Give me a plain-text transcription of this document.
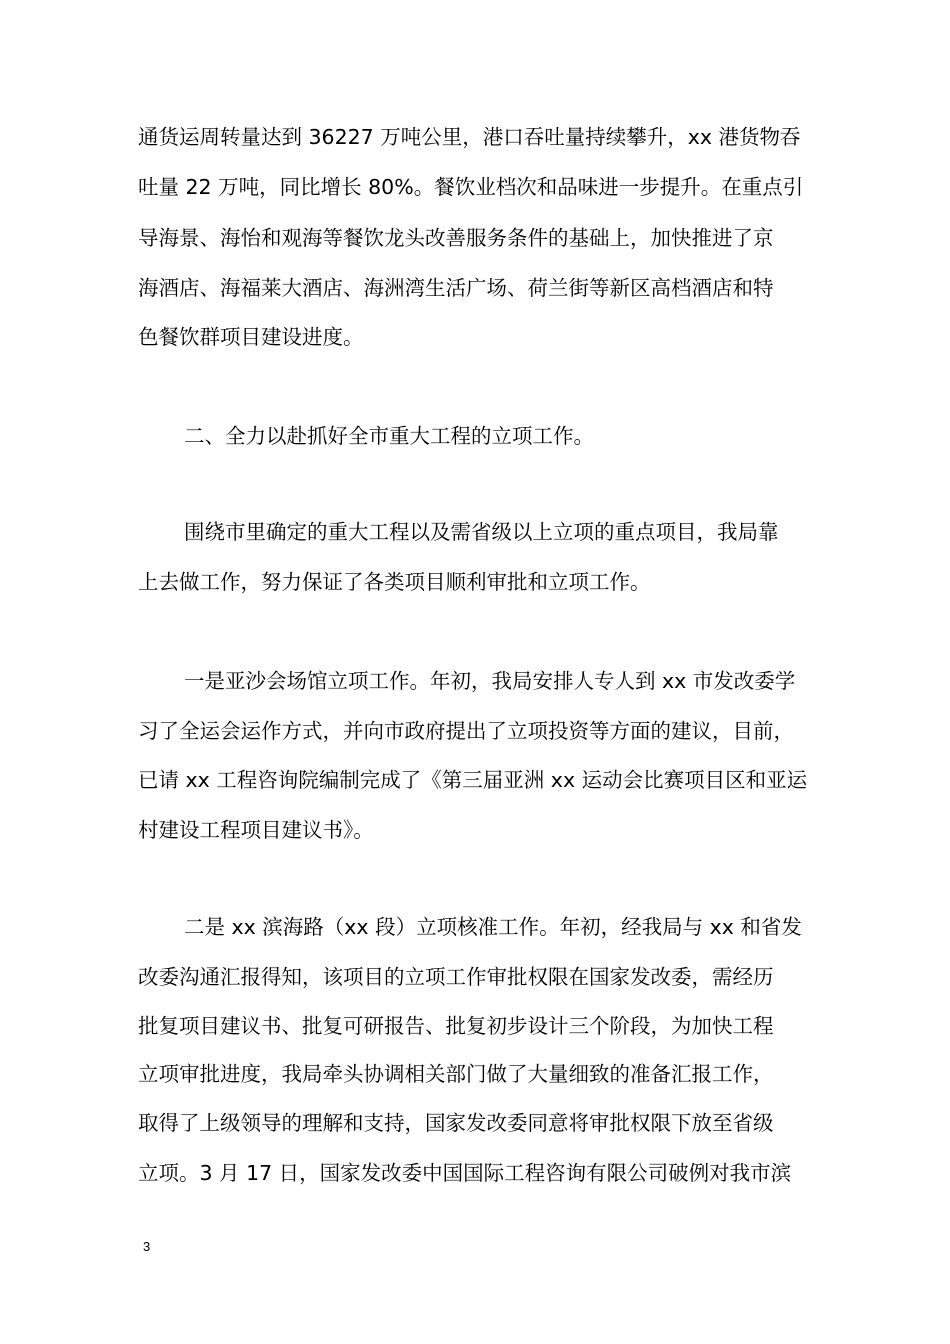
通货运周转量达到 36227 万吨公里，港口吞吐量持续攀升，xx 港货物吞
吐量 22 万吨，同比增长 80%。餐饮业档次和品味进一步提升。在重点引
导海景、海怡和观海等餐饮龙头改善服务条件的基础上，加快推进了京
海酒店、海福莱大酒店、海洲湾生活广场、荷兰街等新区高档酒店和特
色餐饮群项目建设进度。
二、全力以赴抓好全市重大工程的立项工作。
围绕市里确定的重大工程以及需省级以上立项的重点项目，我局靠
上去做工作，努力保证了各类项目顺利审批和立项工作。
一是亚沙会场馆立项工作。年初，我局安排人专人到 xx 市发改委学
习了全运会运作方式，并向市政府提出了立项投资等方面的建议，目前，
已请 xx 工程咨询院编制完成了《第三届亚洲 xx 运动会比赛项目区和亚运
村建设工程项目建议书》。
二是 xx 滨海路（xx 段）立项核准工作。年初，经我局与 xx 和省发
改委沟通汇报得知，该项目的立项工作审批权限在国家发改委，需经历
批复项目建议书、批复可研报告、批复初步设计三个阶段，为加快工程
立项审批进度，我局牵头协调相关部门做了大量细致的准备汇报工作，
取得了上级领导的理解和支持，国家发改委同意将审批权限下放至省级
立项。3 月 17 日，国家发改委中国国际工程咨询有限公司破例对我市滨
3
